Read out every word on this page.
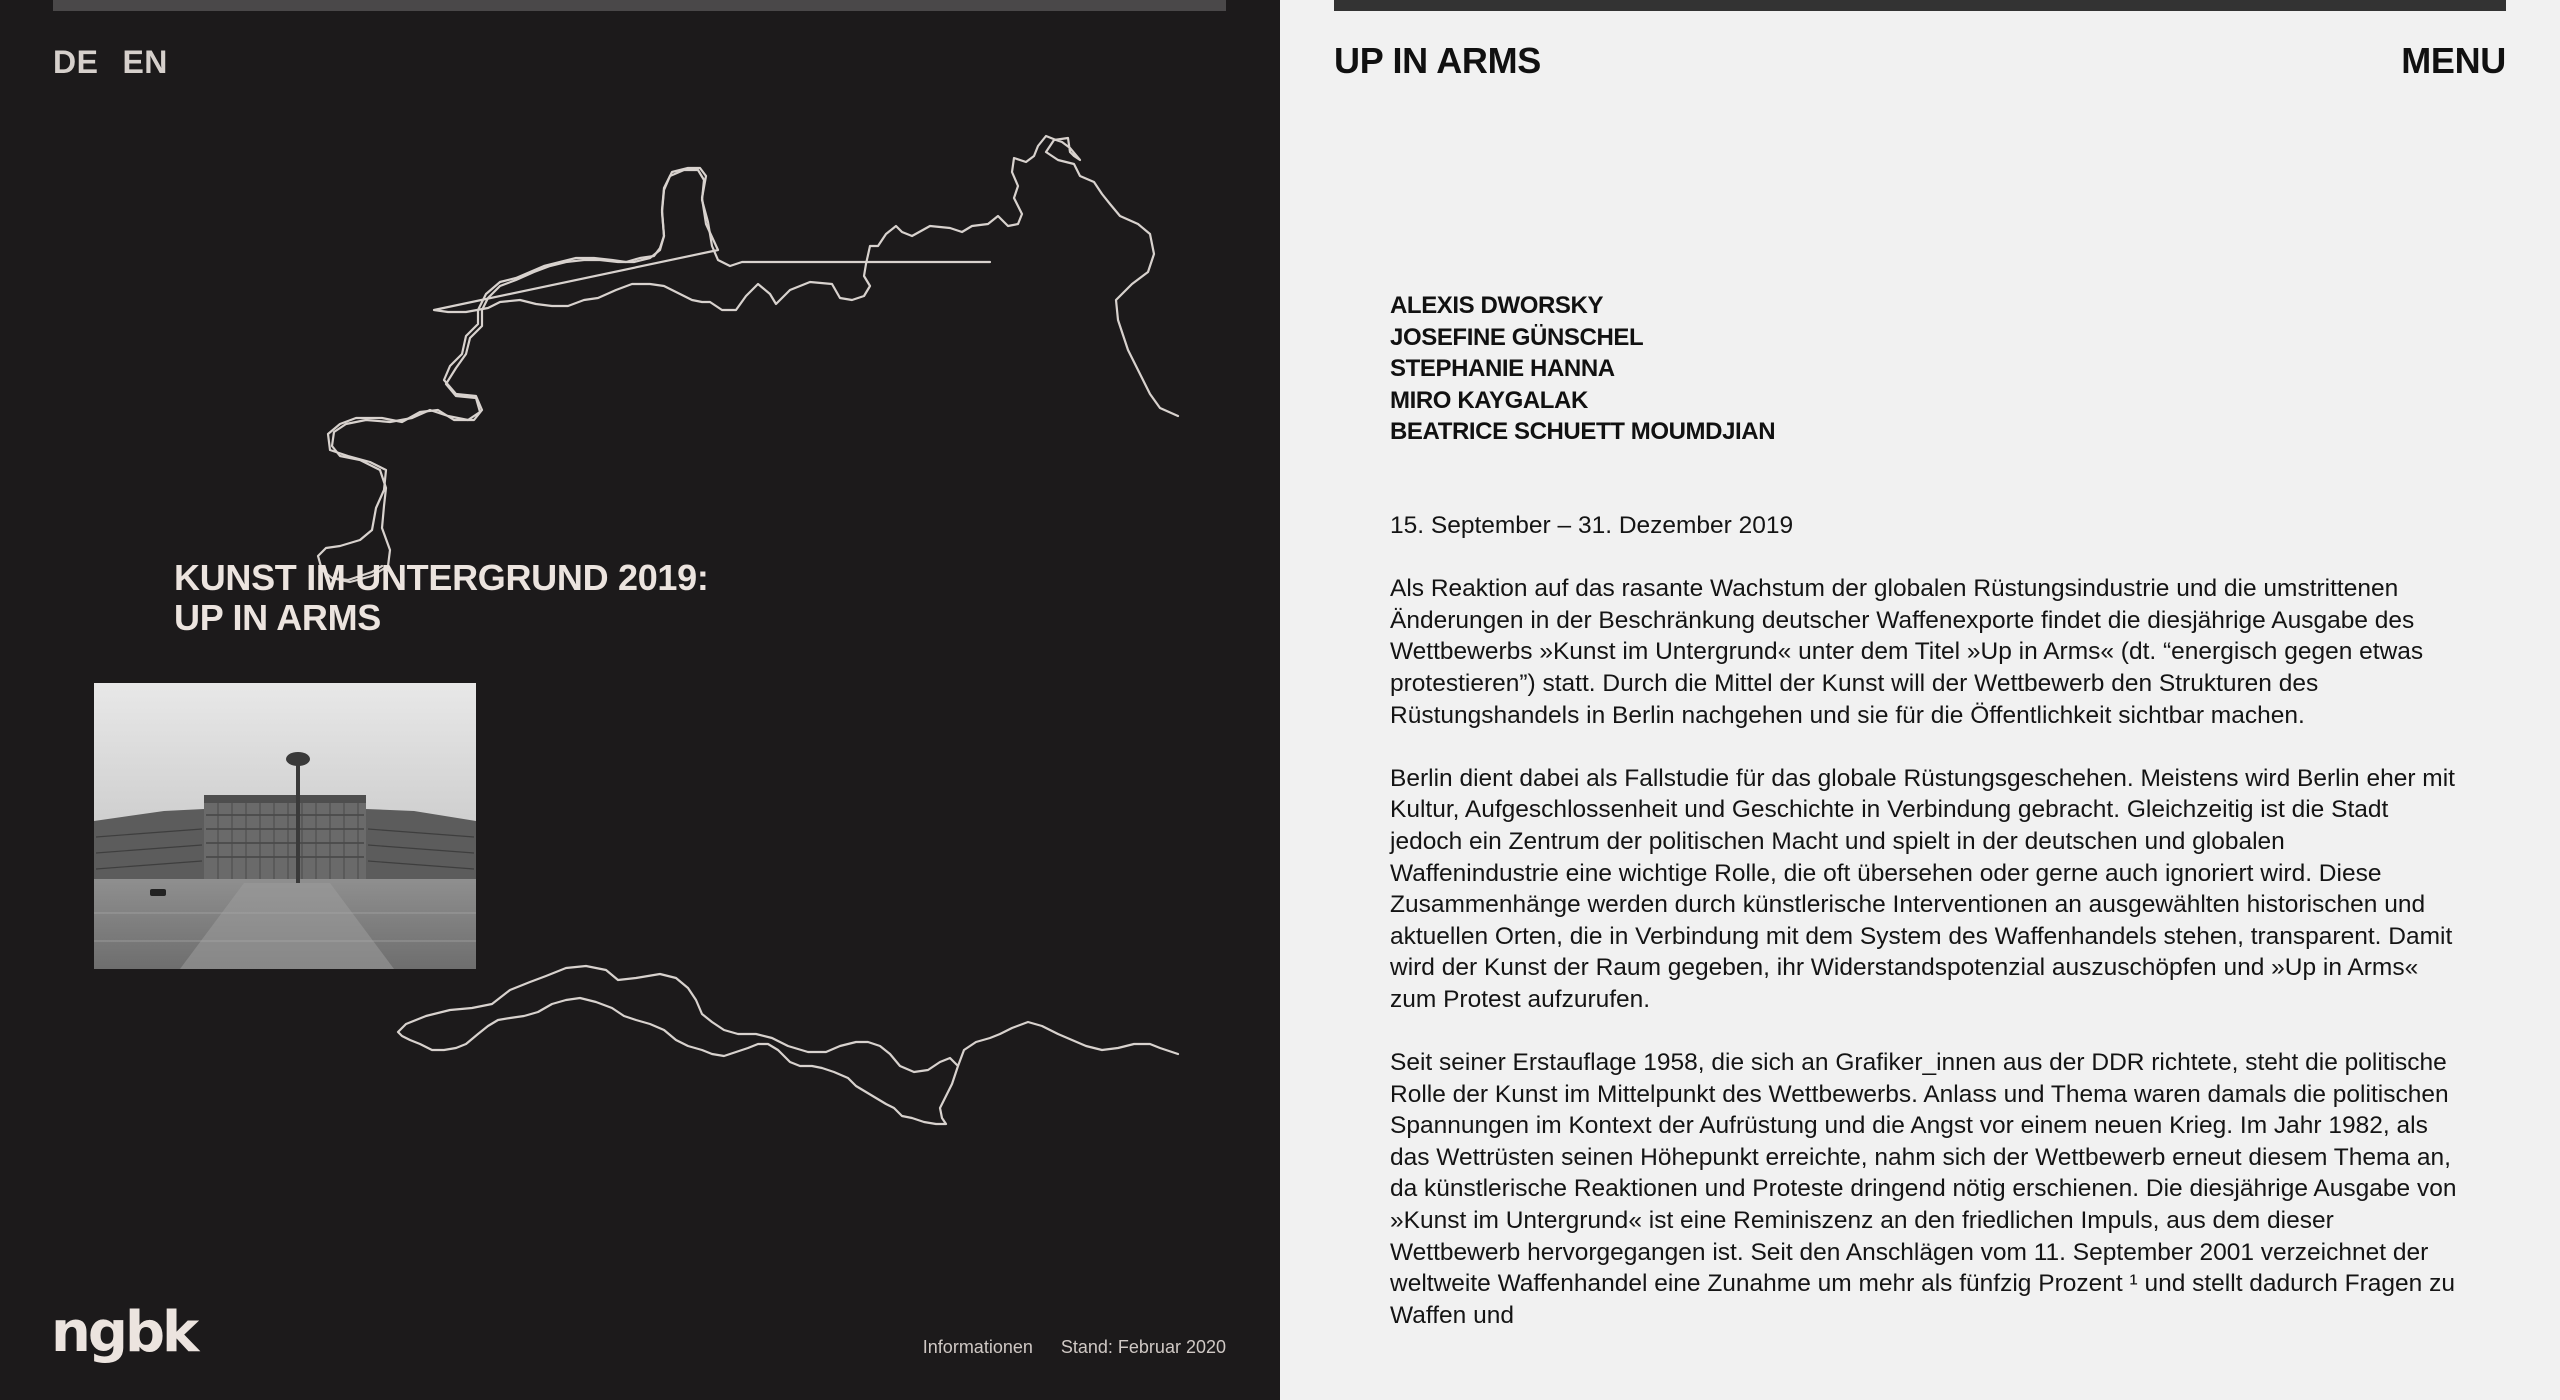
DE EN
KUNST IM UNTERGRUND 2019:
UP IN ARMS
ngbk	Informationen Stand: Februar 2020
UP IN ARMS	MENU
ALEXIS DWORSKY
JOSEFINE GÜNSCHEL
STEPHANIE HANNA
MIRO KAYGALAK
BEATRICE SCHUETT MOUMDJIAN
15. September – 31. Dezember 2019

Als Reaktion auf das rasante Wachstum der globalen Rüstungsindustrie und die umstrittenen Änderungen in der Beschränkung deutscher Waffenexporte findet die diesjährige Ausgabe des Wettbewerbs »Kunst im Untergrund« unter dem Titel »Up in Arms« (dt. “energisch gegen etwas protestieren”) statt. Durch die Mittel der Kunst will der Wettbewerb den Strukturen des Rüstungshandels in Berlin nachgehen und sie für die Öffentlichkeit sichtbar machen.

Berlin dient dabei als Fallstudie für das globale Rüstungsgeschehen. Meistens wird Berlin eher mit Kultur, Aufgeschlossenheit und Geschichte in Verbindung gebracht. Gleichzeitig ist die Stadt jedoch ein Zentrum der politischen Macht und spielt in der deutschen und globalen Waffenindustrie eine wichtige Rolle, die oft übersehen oder gerne auch ignoriert wird. Diese Zusammenhänge werden durch künstlerische Interventionen an ausgewählten historischen und aktuellen Orten, die in Verbindung mit dem System des Waffenhandels stehen, transparent. Damit wird der Kunst der Raum gegeben, ihr Widerstandspotenzial auszuschöpfen und »Up in Arms« zum Protest aufzurufen.

Seit seiner Erstauflage 1958, die sich an Grafiker_innen aus der DDR richtete, steht die politische Rolle der Kunst im Mittelpunkt des Wettbewerbs. Anlass und Thema waren damals die politischen Spannungen im Kontext der Aufrüstung und die Angst vor einem neuen Krieg. Im Jahr 1982, als das Wettrüsten seinen Höhepunkt erreichte, nahm sich der Wettbewerb erneut diesem Thema an, da künstlerische Reaktionen und Proteste dringend nötig erschienen. Die diesjährige Ausgabe von »Kunst im Untergrund« ist eine Reminiszenz an den friedlichen Impuls, aus dem dieser Wettbewerb hervorgegangen ist. Seit den Anschlägen vom 11. September 2001 verzeichnet der weltweite Waffenhandel eine Zunahme um mehr als fünfzig Prozent ¹ und stellt dadurch Fragen zu Waffen und
